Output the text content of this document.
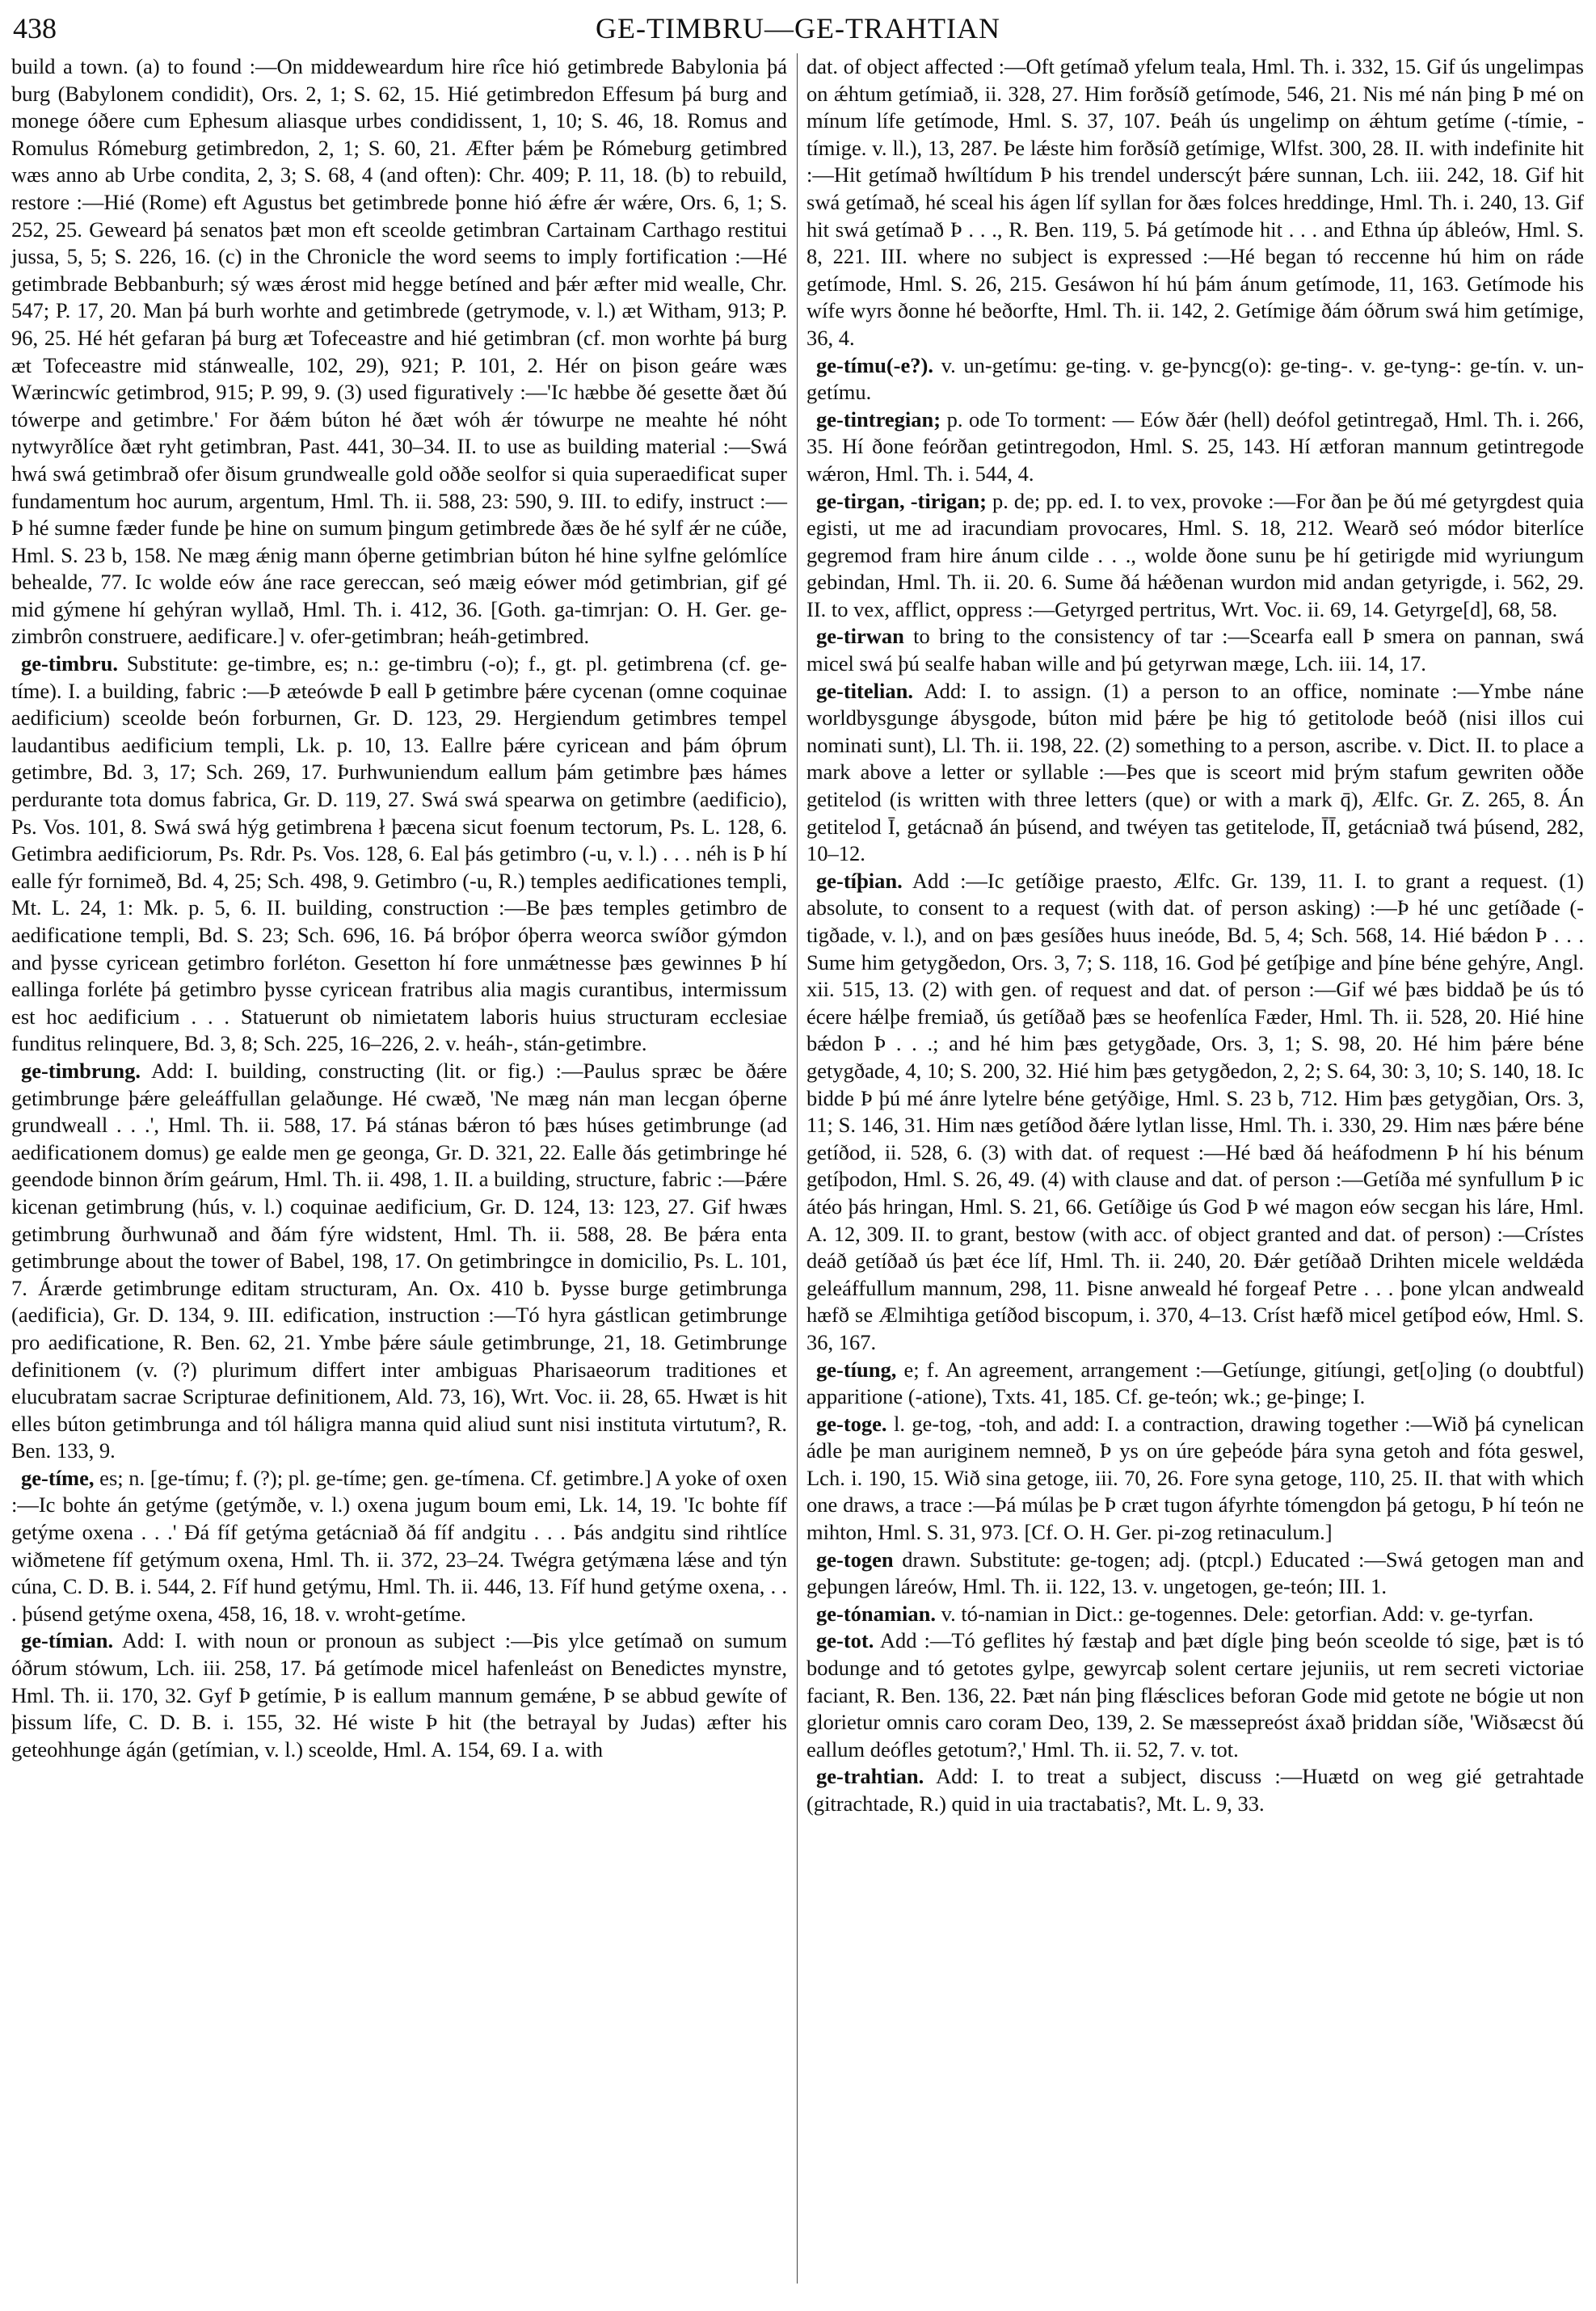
438	GE-TIMBRU—GE-TRAHTIAN

build a town. (a) to found :—On middeweardum hire rîce hió getimbrede Babylonia þá burg (Babylonem condidit), Ors. 2, 1; S. 62, 15. Hié getimbredon Effesum þá burg and monege óðere cum Ephesum aliasque urbes condidissent, 1, 10; S. 46, 18. Romus and Romulus Rómeburg getimbredon, 2, 1; S. 60, 21. Æfter þǽm þe Rómeburg getimbred wæs anno ab Urbe condita, 2, 3; S. 68, 4 (and often): Chr. 409; P. 11, 18. (b) to rebuild, restore :—Hié (Rome) eft Agustus bet getimbrede þonne hió ǽfre ǽr wǽre, Ors. 6, 1; S. 252, 25. Geweard þá senatos þæt mon eft sceolde getimbran Cartainam Carthago restitui jussa, 5, 5; S. 226, 16. (c) in the Chronicle the word seems to imply fortification :—Hé getimbrade Bebbanburh; sý wæs ǽrost mid hegge betíned and þǽr æfter mid wealle, Chr. 547; P. 17, 20. Man þá burh worhte and getimbrede (getrymode, v. l.) æt Witham, 913; P. 96, 25. Hé hét gefaran þá burg æt Tofeceastre and hié getimbran (cf. mon worhte þá burg æt Tofeceastre mid stánwealle, 102, 29), 921; P. 101, 2. Hér on þison geáre wæs Wærincwíc getimbrod, 915; P. 99, 9. (3) used figuratively :—'Ic hæbbe ðé gesette ðæt ðú tówerpe and getimbre.' For ðǽm búton hé ðæt wóh ǽr tówurpe ne meahte hé nóht nytwyrðlíce ðæt ryht getimbran, Past. 441, 30–34. II. to use as building material :—Swá hwá swá getimbrað ofer ðisum grundwealle gold oððe seolfor si quia superaedificat super fundamentum hoc aurum, argentum, Hml. Th. ii. 588, 23: 590, 9. III. to edify, instruct :—Þ hé sumne fæder funde þe hine on sumum þingum getimbrede ðæs ðe hé sylf ǽr ne cúðe, Hml. S. 23 b, 158. Ne mæg ǽnig mann óþerne getimbrian búton hé hine sylfne gelómlíce behealde, 77. Ic wolde eów áne race gereccan, seó mæig eówer mód getimbrian, gif gé mid gýmene hí gehýran wyllað, Hml. Th. i. 412, 36. [Goth. ga-timrjan: O. H. Ger. ge-zimbrôn construere, aedificare.] v. ofer-getimbran; heáh-getimbred.

ge-timbru. Substitute: ge-timbre, es; n.: ge-timbru (-o); f., gt. pl. getimbrena (cf. ge-tíme). I. a building, fabric :—Þ æteówde Þ eall Þ getimbre þǽre cycenan (omne coquinae aedificium) sceolde beón forburnen, Gr. D. 123, 29. Hergiendum getimbres tempel laudantibus aedificium templi, Lk. p. 10, 13. Eallre þǽre cyricean and þám óþrum getimbre, Bd. 3, 17; Sch. 269, 17. Þurhwuniendum eallum þám getimbre þæs hámes perdurante tota domus fabrica, Gr. D. 119, 27. Swá swá spearwa on getimbre (aedificio), Ps. Vos. 101, 8. Swá swá hýg getimbrena ł þæcena sicut foenum tectorum, Ps. L. 128, 6. Getimbra aedificiorum, Ps. Rdr. Ps. Vos. 128, 6. Eal þás getimbro (-u, v. l.) . . . néh is Þ hí ealle fýr fornimeð, Bd. 4, 25; Sch. 498, 9. Getimbro (-u, R.) temples aedificationes templi, Mt. L. 24, 1: Mk. p. 5, 6. II. building, construction :—Be þæs temples getimbro de aedificatione templi, Bd. S. 23; Sch. 696, 16. Þá bróþor óþerra weorca swíðor gýmdon and þysse cyricean getimbro forléton. Gesetton hí fore unmǽtnesse þæs gewinnes Þ hí eallinga forléte þá getimbro þysse cyricean fratribus alia magis curantibus, intermissum est hoc aedificium . . . Statuerunt ob nimietatem laboris huius structuram ecclesiae funditus relinquere, Bd. 3, 8; Sch. 225, 16–226, 2. v. heáh-, stán-getimbre.

ge-timbrung. Add: I. building, constructing (lit. or fig.) :—Paulus spræc be ðǽre getimbrunge þǽre geleáffullan gelaðunge. Hé cwæð, 'Ne mæg nán man lecgan óþerne grundweall . . .', Hml. Th. ii. 588, 17. Þá stánas bǽron tó þæs húses getimbrunge (ad aedificationem domus) ge ealde men ge geonga, Gr. D. 321, 22. Ealle ðás getimbringe hé geendode binnon ðrím geárum, Hml. Th. ii. 498, 1. II. a building, structure, fabric :—Þǽre kicenan getimbrung (hús, v. l.) coquinae aedificium, Gr. D. 124, 13: 123, 27. Gif hwæs getimbrung ðurhwunað and ðám fýre widstent, Hml. Th. ii. 588, 28. Be þǽra enta getimbrunge about the tower of Babel, 198, 17. On getimbringce in domicilio, Ps. L. 101, 7. Árærde getimbrunge editam structuram, An. Ox. 410 b. Þysse burge getimbrunga (aedificia), Gr. D. 134, 9. III. edification, instruction :—Tó hyra gástlican getimbrunge pro aedificatione, R. Ben. 62, 21. Ymbe þǽre sáule getimbrunge, 21, 18. Getimbrunge definitionem (v. (?) plurimum differt inter ambiguas Pharisaeorum traditiones et elucubratam sacrae Scripturae definitionem, Ald. 73, 16), Wrt. Voc. ii. 28, 65. Hwæt is hit elles búton getimbrunga and tól háligra manna quid aliud sunt nisi instituta virtutum?, R. Ben. 133, 9.

ge-tíme, es; n. [ge-tímu; f. (?); pl. ge-tíme; gen. ge-tímena. Cf. getimbre.] A yoke of oxen :—Ic bohte án getýme (getýmðe, v. l.) oxena jugum boum emi, Lk. 14, 19. 'Ic bohte fíf getýme oxena . . .' Ðá fíf getýma getácniað ðá fíf andgitu . . . Þás andgitu sind rihtlíce wiðmetene fíf getýmum oxena, Hml. Th. ii. 372, 23–24. Twégra getýmæna lǽse and týn cúna, C. D. B. i. 544, 2. Fíf hund getýmu, Hml. Th. ii. 446, 13. Fíf hund getýme oxena, . . . þúsend getýme oxena, 458, 16, 18. v. wroht-getíme.

ge-tímian. Add: I. with noun or pronoun as subject :—Þis ylce getímað on sumum óðrum stówum, Lch. iii. 258, 17. Þá getímode micel hafenleást on Benedictes mynstre, Hml. Th. ii. 170, 32. Gyf Þ getímie, Þ is eallum mannum gemǽne, Þ se abbud gewíte of þissum lífe, C. D. B. i. 155, 32. Hé wiste Þ hit (the betrayal by Judas) æfter his geteohhunge ágán (getímian, v. l.) sceolde, Hml. A. 154, 69. I a. with

dat. of object affected :—Oft getímað yfelum teala, Hml. Th. i. 332, 15. Gif ús ungelimpas on ǽhtum getímiað, ii. 328, 27. Him forðsíð getímode, 546, 21. Nis mé nán þing Þ mé on mínum lífe getímode, Hml. S. 37, 107. Þeáh ús ungelimp on ǽhtum getíme (-tímie, -tímige. v. ll.), 13, 287. Þe lǽste him forðsíð getímige, Wlfst. 300, 28. II. with indefinite hit :—Hit getímað hwíltídum Þ his trendel underscýt þǽre sunnan, Lch. iii. 242, 18. Gif hit swá getímað, hé sceal his ágen líf syllan for ðæs folces hreddinge, Hml. Th. i. 240, 13. Gif hit swá getímað Þ . . ., R. Ben. 119, 5. Þá getímode hit . . . and Ethna úp ábleów, Hml. S. 8, 221. III. where no subject is expressed :—Hé began tó reccenne hú him on ráde getímode, Hml. S. 26, 215. Gesáwon hí hú þám ánum getímode, 11, 163. Getímode his wífe wyrs ðonne hé beðorfte, Hml. Th. ii. 142, 2. Getímige ðám óðrum swá him getímige, 36, 4.

ge-tímu(-e?). v. un-getímu: ge-ting. v. ge-þyncg(o): ge-ting-. v. ge-tyng-: ge-tín. v. un-getímu.

ge-tintregian; p. ode To torment: — Eów ðǽr (hell) deófol getintregað, Hml. Th. i. 266, 35. Hí ðone feórðan getintregodon, Hml. S. 25, 143. Hí ætforan mannum getintregode wǽron, Hml. Th. i. 544, 4.

ge-tirgan, -tirigan; p. de; pp. ed. I. to vex, provoke :—For ðan þe ðú mé getyrgdest quia egisti, ut me ad iracundiam provocares, Hml. S. 18, 212. Wearð seó módor biterlíce gegremod fram hire ánum cilde . . ., wolde ðone sunu þe hí getirigde mid wyriungum gebindan, Hml. Th. ii. 20. 6. Sume ðá hǽðenan wurdon mid andan getyrigde, i. 562, 29. II. to vex, afflict, oppress :—Getyrged pertritus, Wrt. Voc. ii. 69, 14. Getyrge[d], 68, 58.

ge-tirwan to bring to the consistency of tar :—Scearfa eall Þ smera on pannan, swá micel swá þú sealfe haban wille and þú getyrwan mæge, Lch. iii. 14, 17.

ge-titelian. Add: I. to assign. (1) a person to an office, nominate :—Ymbe náne worldbysgunge ábysgode, búton mid þǽre þe hig tó getitolode beóð (nisi illos cui nominati sunt), Ll. Th. ii. 198, 22. (2) something to a person, ascribe. v. Dict. II. to place a mark above a letter or syllable :—Þes que is sceort mid þrým stafum gewriten oððe getitelod (is written with three letters (que) or with a mark q̄), Ælfc. Gr. Z. 265, 8. Án getitelod Ī, getácnað án þúsend, and twéyen tas getitelode, ĪĪ, getácniað twá þúsend, 282, 10–12.

ge-tíþian. Add :—Ic getíðige praesto, Ælfc. Gr. 139, 11. I. to grant a request. (1) absolute, to consent to a request (with dat. of person asking) :—Þ hé unc getíðade (-tigðade, v. l.), and on þæs gesíðes huus ineóde, Bd. 5, 4; Sch. 568, 14. Hié bǽdon Þ . . . Sume him getygðedon, Ors. 3, 7; S. 118, 16. God þé getíþige and þíne béne gehýre, Angl. xii. 515, 13. (2) with gen. of request and dat. of person :—Gif wé þæs biddað þe ús tó écere hǽlþe fremiað, ús getíðað þæs se heofenlíca Fæder, Hml. Th. ii. 528, 20. Hié hine bǽdon Þ . . .; and hé him þæs getygðade, Ors. 3, 1; S. 98, 20. Hé him þǽre béne getygðade, 4, 10; S. 200, 32. Hié him þæs getygðedon, 2, 2; S. 64, 30: 3, 10; S. 140, 18. Ic bidde Þ þú mé ánre lytelre béne getýðige, Hml. S. 23 b, 712. Him þæs getygðian, Ors. 3, 11; S. 146, 31. Him næs getíðod ðǽre lytlan lisse, Hml. Th. i. 330, 29. Him næs þǽre béne getíðod, ii. 528, 6. (3) with dat. of request :—Hé bæd ðá heáfodmenn Þ hí his bénum getíþodon, Hml. S. 26, 49. (4) with clause and dat. of person :—Getíða mé synfullum Þ ic átéo þás hringan, Hml. S. 21, 66. Getíðige ús God Þ wé magon eów secgan his láre, Hml. A. 12, 309. II. to grant, bestow (with acc. of object granted and dat. of person) :—Crístes deáð getíðað ús þæt éce líf, Hml. Th. ii. 240, 20. Ðǽr getíðað Drihten micele weldǽda geleáffullum mannum, 298, 11. Þisne anweald hé forgeaf Petre . . . þone ylcan andweald hæfð se Ælmihtiga getíðod biscopum, i. 370, 4–13. Críst hæfð micel getíþod eów, Hml. S. 36, 167.

ge-tíung, e; f. An agreement, arrangement :—Getíunge, gitíungi, get[o]ing (o doubtful) apparitione (-atione), Txts. 41, 185. Cf. ge-teón; wk.; ge-þinge; I.

ge-toge. l. ge-tog, -toh, and add: I. a contraction, drawing together :—Wið þá cynelican ádle þe man auriginem nemneð, Þ ys on úre geþeóde þára syna getoh and fóta geswel, Lch. i. 190, 15. Wið sina getoge, iii. 70, 26. Fore syna getoge, 110, 25. II. that with which one draws, a trace :—Þá múlas þe Þ cræt tugon áfyrhte tómengdon þá getogu, Þ hí teón ne mihton, Hml. S. 31, 973. [Cf. O. H. Ger. pi-zog retinaculum.]

ge-togen drawn. Substitute: ge-togen; adj. (ptcpl.) Educated :—Swá getogen man and geþungen láreów, Hml. Th. ii. 122, 13. v. ungetogen, ge-teón; III. 1.

ge-tónamian. v. tó-namian in Dict.: ge-togennes. Dele: getorfian. Add: v. ge-tyrfan.

ge-tot. Add :—Tó geflites hý fæstaþ and þæt dígle þing beón sceolde tó sige, þæt is tó bodunge and tó getotes gylpe, gewyrcaþ solent certare jejuniis, ut rem secreti victoriae faciant, R. Ben. 136, 22. Þæt nán þing flǽsclices beforan Gode mid getote ne bógie ut non glorietur omnis caro coram Deo, 139, 2. Se mæssepreóst áxað þriddan síðe, 'Wiðsæcst ðú eallum deófles getotum?,' Hml. Th. ii. 52, 7. v. tot.

ge-trahtian. Add: I. to treat a subject, discuss :—Huætd on weg gié getrahtade (gitrachtade, R.) quid in uia tractabatis?, Mt. L. 9, 33.
